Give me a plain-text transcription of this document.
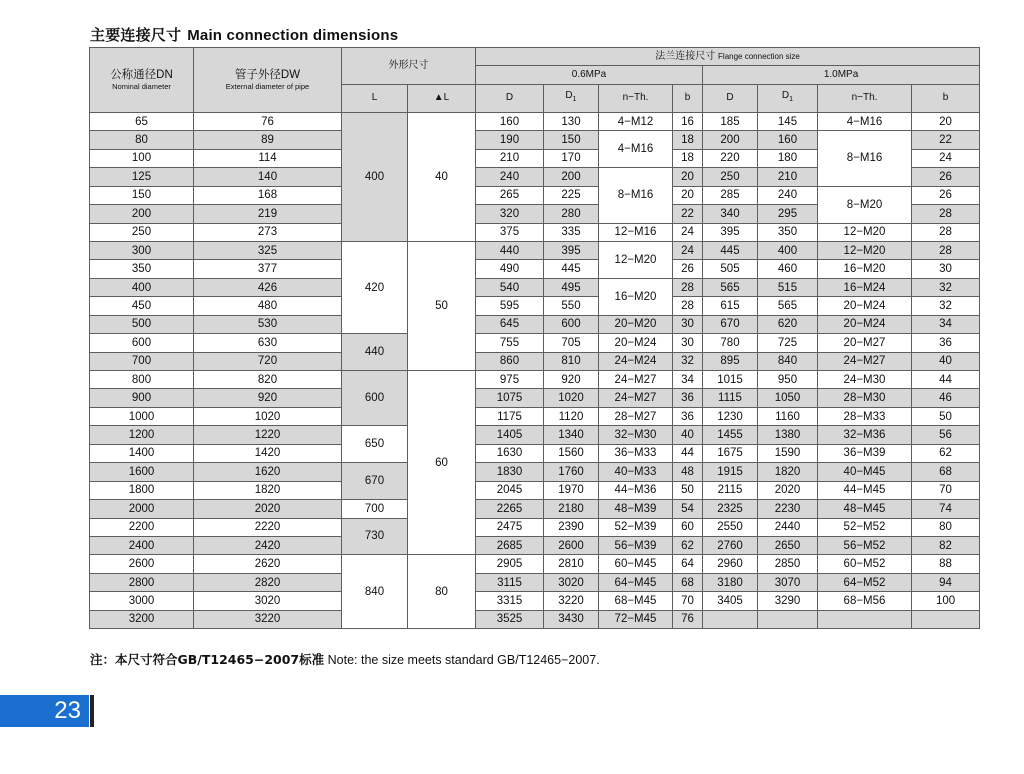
主要连接尺寸 Main connection dimensions
公称通径DN
Nominal diameter	管子外径DW
External diameter of pipe	外形尺寸		法兰连接尺寸 Flange connection size							
				0.6MPa				1.0MPa			
		L	▲L	D	$D_1$	n−Th.	b	D	$D_1$	n−Th.	b
65	76	400	40	160	130	4−M12	16	185	145	4−M16	20
80	89			190	150	4−M16	18	200	160	8−M16	22
100	114			210	170		18	220	180		24
125	140			240	200	8−M16	20	250	210		26
150	168			265	225		20	285	240	8−M20	26
200	219			320	280		22	340	295		28
250	273			375	335	12−M16	24	395	350	12−M20	28
300	325	420	50	440	395	12−M20	24	445	400	12−M20	28
350	377			490	445		26	505	460	16−M20	30
400	426			540	495	16−M20	28	565	515	16−M24	32
450	480			595	550		28	615	565	20−M24	32
500	530			645	600	20−M20	30	670	620	20−M24	34
600	630	440		755	705	20−M24	30	780	725	20−M27	36
700	720			860	810	24−M24	32	895	840	24−M27	40
800	820	600	60	975	920	24−M27	34	1015	950	24−M30	44
900	920			1075	1020	24−M27	36	1115	1050	28−M30	46
1000	1020			1175	1120	28−M27	36	1230	1160	28−M33	50
1200	1220	650		1405	1340	32−M30	40	1455	1380	32−M36	56
1400	1420			1630	1560	36−M33	44	1675	1590	36−M39	62
1600	1620	670		1830	1760	40−M33	48	1915	1820	40−M45	68
1800	1820			2045	1970	44−M36	50	2115	2020	44−M45	70
2000	2020	700		2265	2180	48−M39	54	2325	2230	48−M45	74
2200	2220	730		2475	2390	52−M39	60	2550	2440	52−M52	80
2400	2420			2685	2600	56−M39	62	2760	2650	56−M52	82
2600	2620	840	80	2905	2810	60−M45	64	2960	2850	60−M52	88
2800	2820			3115	3020	64−M45	68	3180	3070	64−M52	94
3000	3020			3315	3220	68−M45	70	3405	3290	68−M56	100
3200	3220			3525	3430	72−M45	76				
注：本尺寸符合GB/T12465−2007标准 Note: the size meets standard GB/T12465−2007.
23
